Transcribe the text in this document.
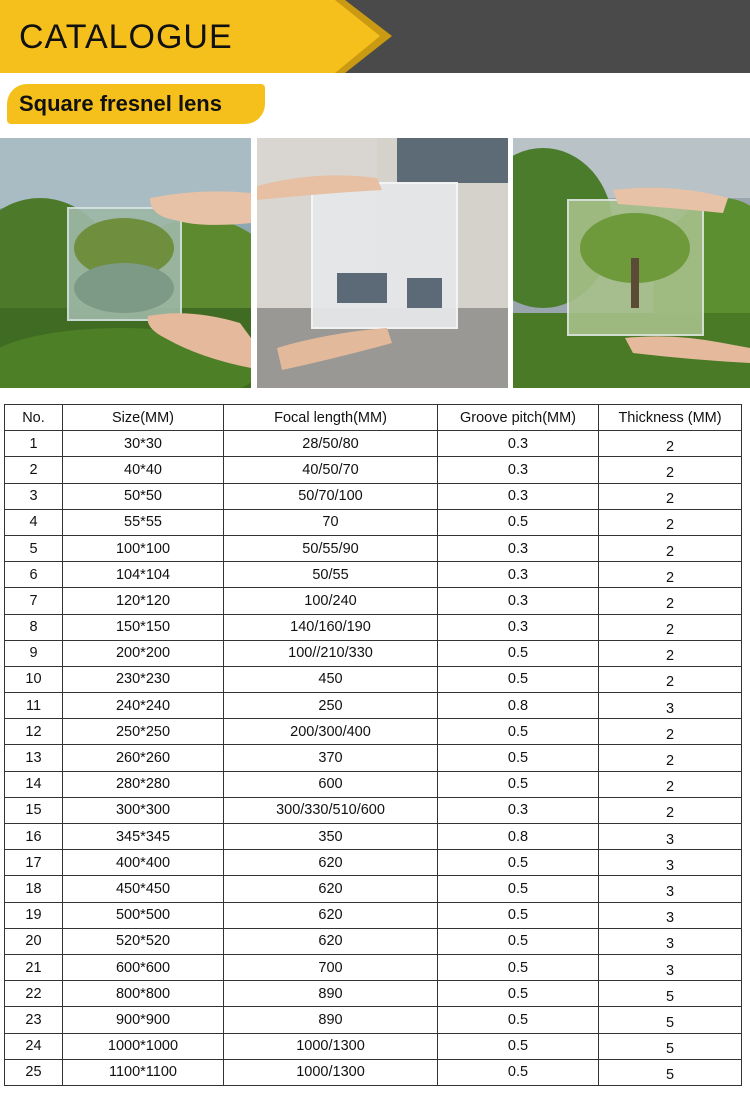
CATALOGUE
Square fresnel lens
No.	Size(MM)	Focal length(MM)	Groove pitch(MM)	Thickness (MM)
1	30*30	28/50/80	0.3	2
2	40*40	40/50/70	0.3	2
3	50*50	50/70/100	0.3	2
4	55*55	70	0.5	2
5	100*100	50/55/90	0.3	2
6	104*104	50/55	0.3	2
7	120*120	100/240	0.3	2
8	150*150	140/160/190	0.3	2
9	200*200	100//210/330	0.5	2
10	230*230	450	0.5	2
11	240*240	250	0.8	3
12	250*250	200/300/400	0.5	2
13	260*260	370	0.5	2
14	280*280	600	0.5	2
15	300*300	300/330/510/600	0.3	2
16	345*345	350	0.8	3
17	400*400	620	0.5	3
18	450*450	620	0.5	3
19	500*500	620	0.5	3
20	520*520	620	0.5	3
21	600*600	700	0.5	3
22	800*800	890	0.5	5
23	900*900	890	0.5	5
24	1000*1000	1000/1300	0.5	5
25	1100*1100	1000/1300	0.5	5
